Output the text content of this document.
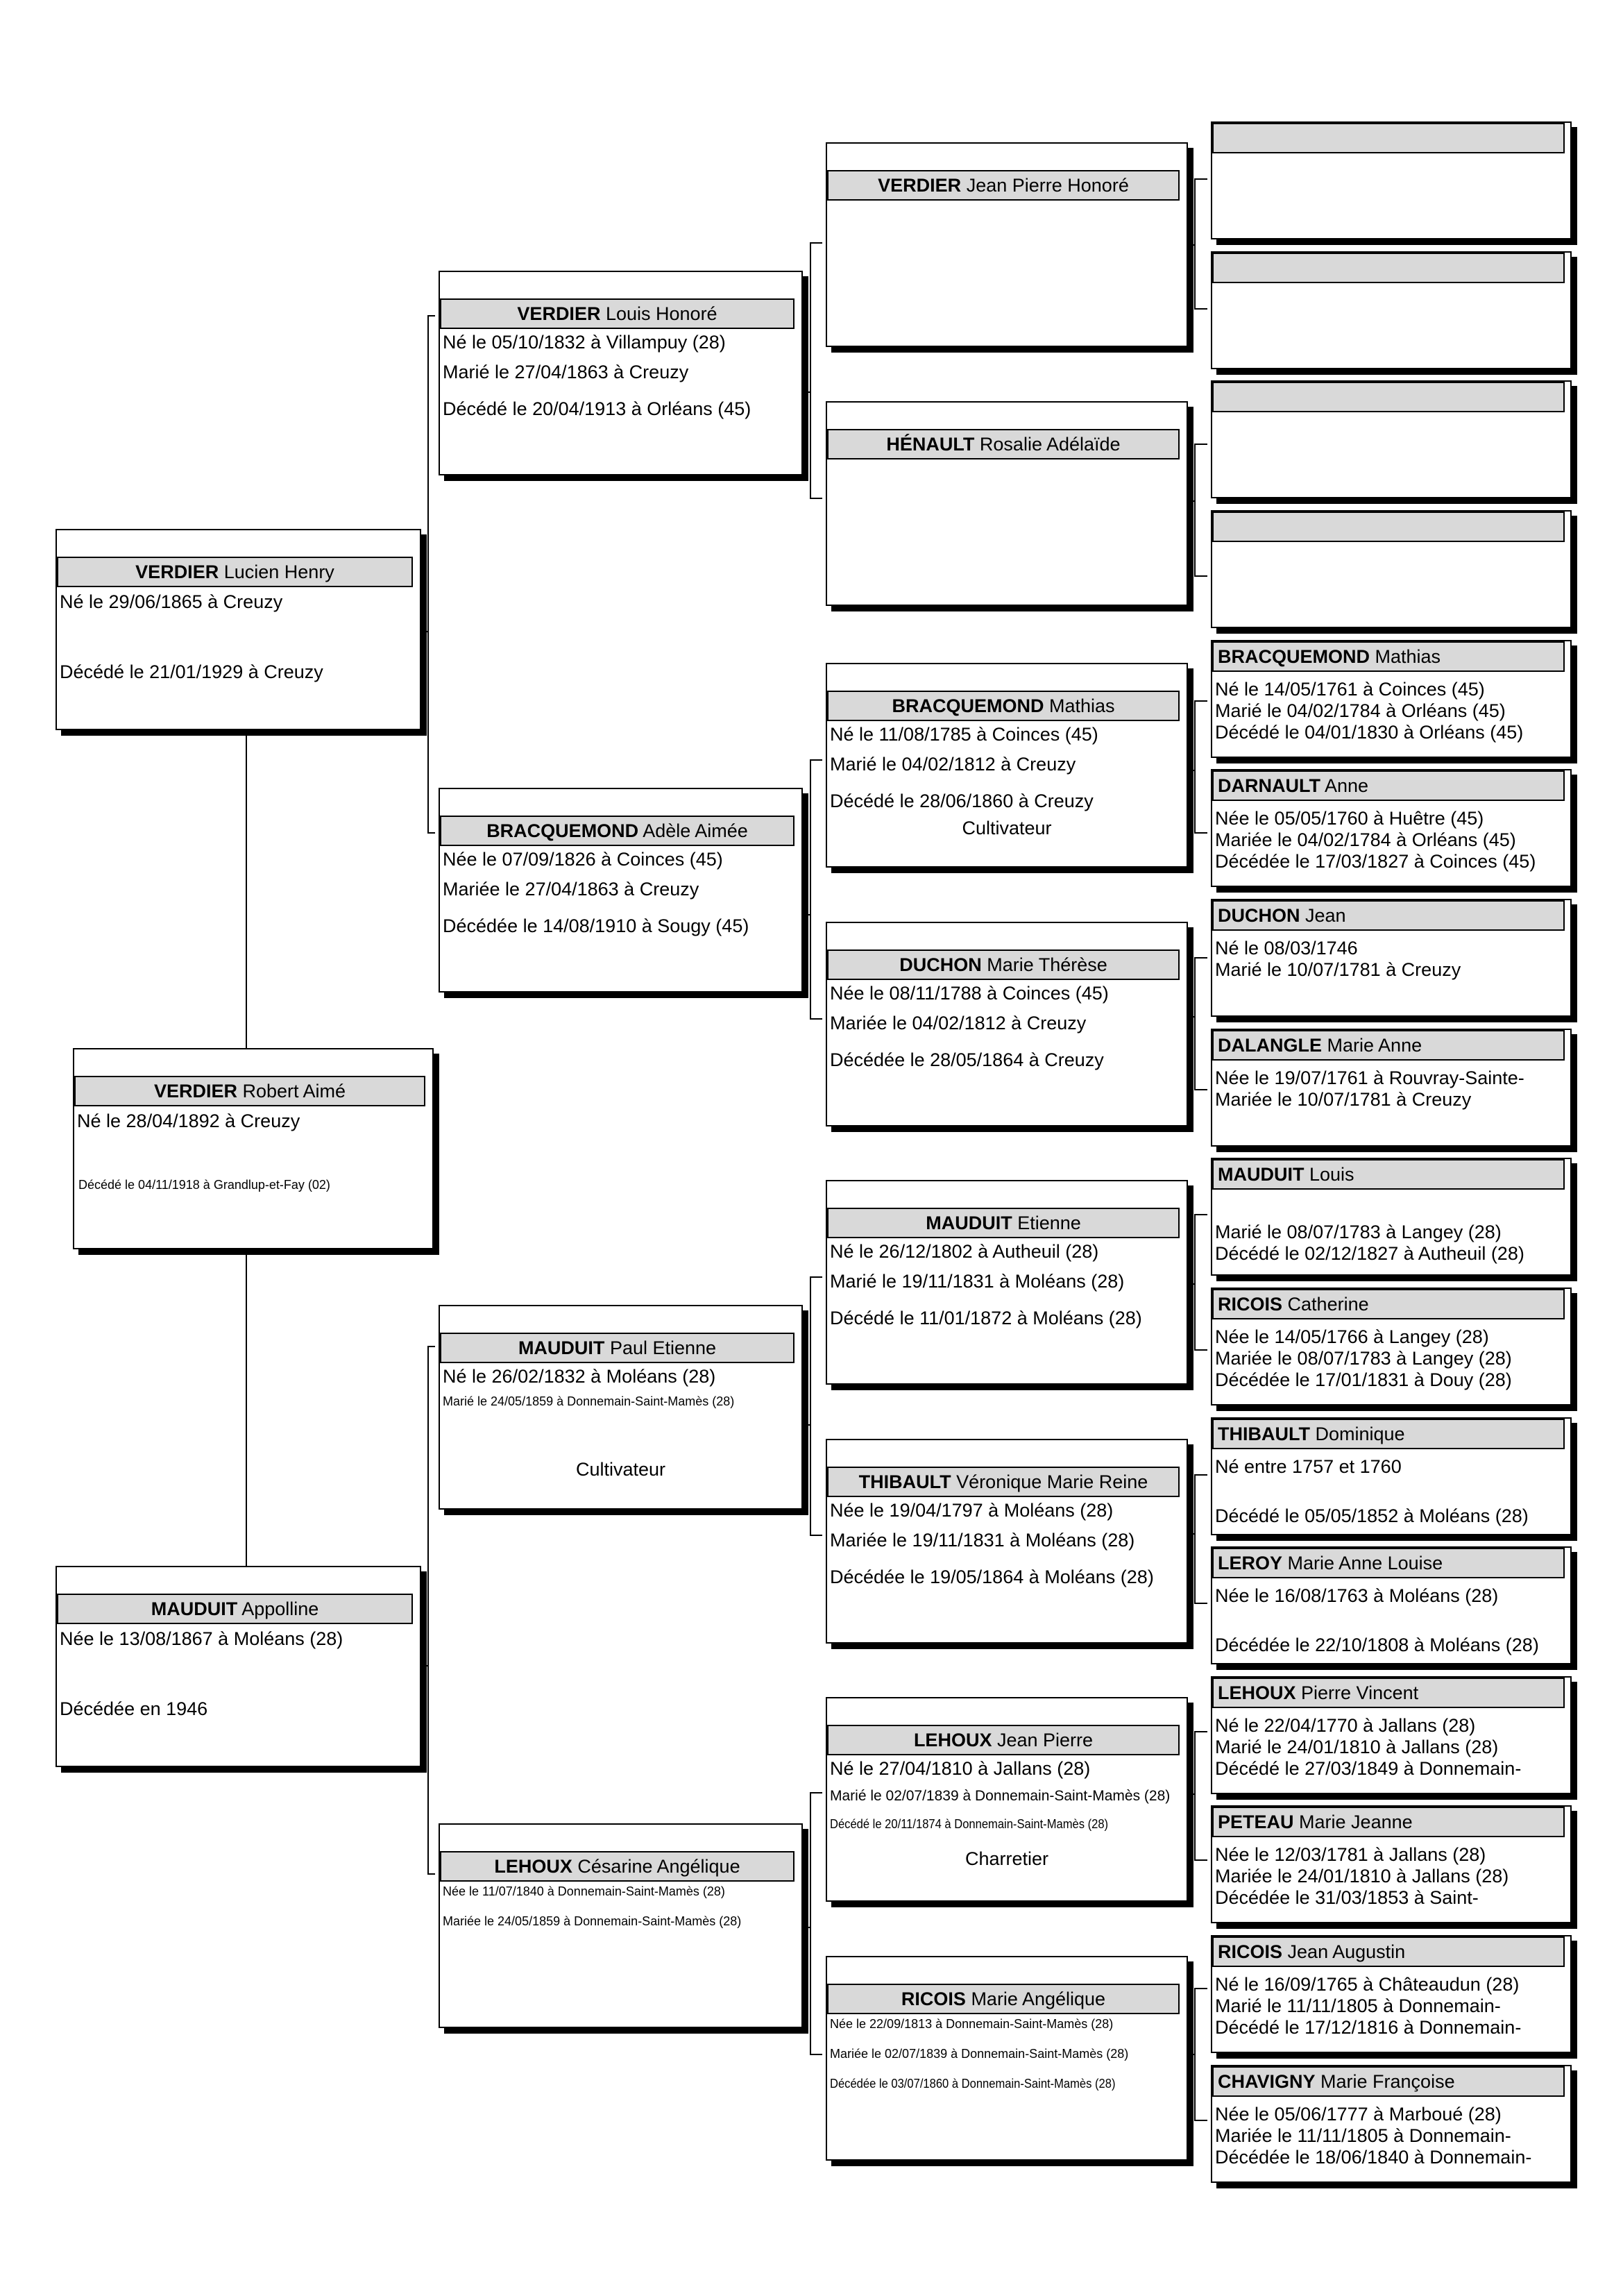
VERDIER Robert Aimé
Né le 28/04/1892 à Creuzy
Décédé le 04/11/1918 à Grandlup-et-Fay (02)
VERDIER Lucien Henry
Né le 29/06/1865 à Creuzy
Décédé le 21/01/1929 à Creuzy
MAUDUIT Appolline
Née le 13/08/1867 à Moléans (28)
Décédée en 1946
VERDIER Louis Honoré
Né le 05/10/1832 à Villampuy (28)
Marié le 27/04/1863 à Creuzy
Décédé le 20/04/1913 à Orléans (45)
BRACQUEMOND Adèle Aimée
Née le 07/09/1826 à Coinces (45)
Mariée le 27/04/1863 à Creuzy
Décédée le 14/08/1910 à Sougy (45)
MAUDUIT Paul Etienne
Né le 26/02/1832 à Moléans (28)
Marié le 24/05/1859 à Donnemain-Saint-Mamès (28)
Cultivateur
LEHOUX Césarine Angélique
Née le 11/07/1840 à Donnemain-Saint-Mamès (28)
Mariée le 24/05/1859 à Donnemain-Saint-Mamès (28)
VERDIER Jean Pierre Honoré
HÉNAULT Rosalie Adélaïde
BRACQUEMOND Mathias
Né le 11/08/1785 à Coinces (45)
Marié le 04/02/1812 à Creuzy
Décédé le 28/06/1860 à Creuzy
Cultivateur
DUCHON Marie Thérèse
Née le 08/11/1788 à Coinces (45)
Mariée le 04/02/1812 à Creuzy
Décédée le 28/05/1864 à Creuzy
MAUDUIT Etienne
Né le 26/12/1802 à Autheuil (28)
Marié le 19/11/1831 à Moléans (28)
Décédé le 11/01/1872 à Moléans (28)
THIBAULT Véronique Marie Reine
Née le 19/04/1797 à Moléans (28)
Mariée le 19/11/1831 à Moléans (28)
Décédée le 19/05/1864 à Moléans (28)
LEHOUX Jean Pierre
Né le 27/04/1810 à Jallans (28)
Marié le 02/07/1839 à Donnemain-Saint-Mamès (28)
Décédé le 20/11/1874 à Donnemain-Saint-Mamès (28)
Charretier
RICOIS Marie Angélique
Née le 22/09/1813 à Donnemain-Saint-Mamès (28)
Mariée le 02/07/1839 à Donnemain-Saint-Mamès (28)
Décédée le 03/07/1860 à Donnemain-Saint-Mamès (28)
BRACQUEMOND Mathias
Né le 14/05/1761 à Coinces (45)
Marié le 04/02/1784 à Orléans (45)
Décédé le 04/01/1830 à Orléans (45)
DARNAULT Anne
Née le 05/05/1760 à Huêtre (45)
Mariée le 04/02/1784 à Orléans (45)
Décédée le 17/03/1827 à Coinces (45)
DUCHON Jean
Né le 08/03/1746
Marié le 10/07/1781 à Creuzy
DALANGLE Marie Anne
Née le 19/07/1761 à Rouvray-Sainte-
Mariée le 10/07/1781 à Creuzy
MAUDUIT Louis
Marié le 08/07/1783 à Langey (28)
Décédé le 02/12/1827 à Autheuil (28)
RICOIS Catherine
Née le 14/05/1766 à Langey (28)
Mariée le 08/07/1783 à Langey (28)
Décédée le 17/01/1831 à Douy (28)
THIBAULT Dominique
Né entre 1757 et 1760
Décédé le 05/05/1852 à Moléans (28)
LEROY Marie Anne Louise
Née le 16/08/1763 à Moléans (28)
Décédée le 22/10/1808 à Moléans (28)
LEHOUX Pierre Vincent
Né le 22/04/1770 à Jallans (28)
Marié le 24/01/1810 à Jallans (28)
Décédé le 27/03/1849 à Donnemain-
PETEAU Marie Jeanne
Née le 12/03/1781 à Jallans (28)
Mariée le 24/01/1810 à Jallans (28)
Décédée le 31/03/1853 à Saint-
RICOIS Jean Augustin
Né le 16/09/1765 à Châteaudun (28)
Marié le 11/11/1805 à Donnemain-
Décédé le 17/12/1816 à Donnemain-
CHAVIGNY Marie Françoise
Née le 05/06/1777 à Marboué (28)
Mariée le 11/11/1805 à Donnemain-
Décédée le 18/06/1840 à Donnemain-
